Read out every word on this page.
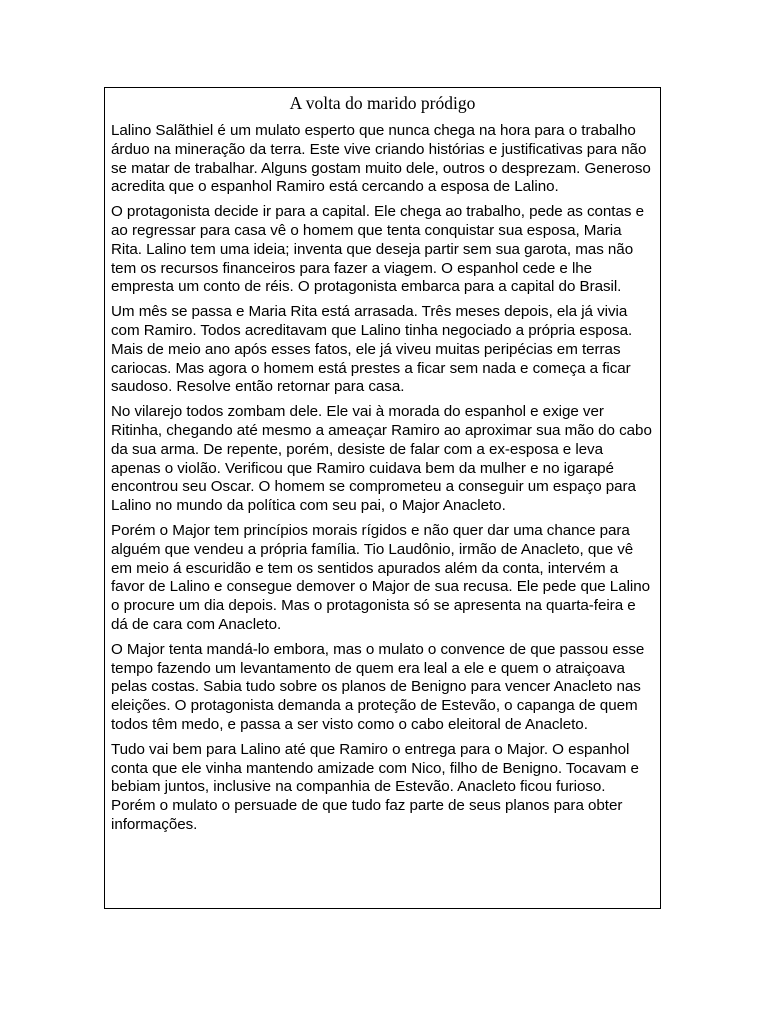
A volta do marido pródigo

Lalino Salãthiel é um mulato esperto que nunca chega na hora para o trabalho árduo na mineração da terra. Este vive criando histórias e justificativas para não se matar de trabalhar. Alguns gostam muito dele, outros o desprezam. Generoso acredita que o espanhol Ramiro está cercando a esposa de Lalino.

O protagonista decide ir para a capital. Ele chega ao trabalho, pede as contas e ao regressar para casa vê o homem que tenta conquistar sua esposa, Maria Rita. Lalino tem uma ideia; inventa que deseja partir sem sua garota, mas não tem os recursos financeiros para fazer a viagem. O espanhol cede e lhe empresta um conto de réis. O protagonista embarca para a capital do Brasil.

Um mês se passa e Maria Rita está arrasada. Três meses depois, ela já vivia com Ramiro. Todos acreditavam que Lalino tinha negociado a própria esposa. Mais de meio ano após esses fatos, ele já viveu muitas peripécias em terras cariocas. Mas agora o homem está prestes a ficar sem nada e começa a ficar saudoso. Resolve então retornar para casa.

No vilarejo todos zombam dele. Ele vai à morada do espanhol e exige ver Ritinha, chegando até mesmo a ameaçar Ramiro ao aproximar sua mão do cabo da sua arma. De repente, porém, desiste de falar com a ex-esposa e leva apenas o violão. Verificou que Ramiro cuidava bem da mulher e no igarapé encontrou seu Oscar. O homem se comprometeu a conseguir um espaço para Lalino no mundo da política com seu pai, o Major Anacleto.

Porém o Major tem princípios morais rígidos e não quer dar uma chance para alguém que vendeu a própria família. Tio Laudônio, irmão de Anacleto, que vê em meio á escuridão e tem os sentidos apurados além da conta, intervém a favor de Lalino e consegue demover o Major de sua recusa. Ele pede que Lalino o procure um dia depois. Mas o protagonista só se apresenta na quarta-feira e dá de cara com Anacleto.

O Major tenta mandá-lo embora, mas o mulato o convence de que passou esse tempo fazendo um levantamento de quem era leal a ele e quem o atraiçoava pelas costas. Sabia tudo sobre os planos de Benigno para vencer Anacleto nas eleições. O protagonista demanda a proteção de Estevão, o capanga de quem todos têm medo, e passa a ser visto como o cabo eleitoral de Anacleto.

Tudo vai bem para Lalino até que Ramiro o entrega para o Major. O espanhol conta que ele vinha mantendo amizade com Nico, filho de Benigno. Tocavam e bebiam juntos, inclusive na companhia de Estevão. Anacleto ficou furioso. Porém o mulato o persuade de que tudo faz parte de seus planos para obter informações.
